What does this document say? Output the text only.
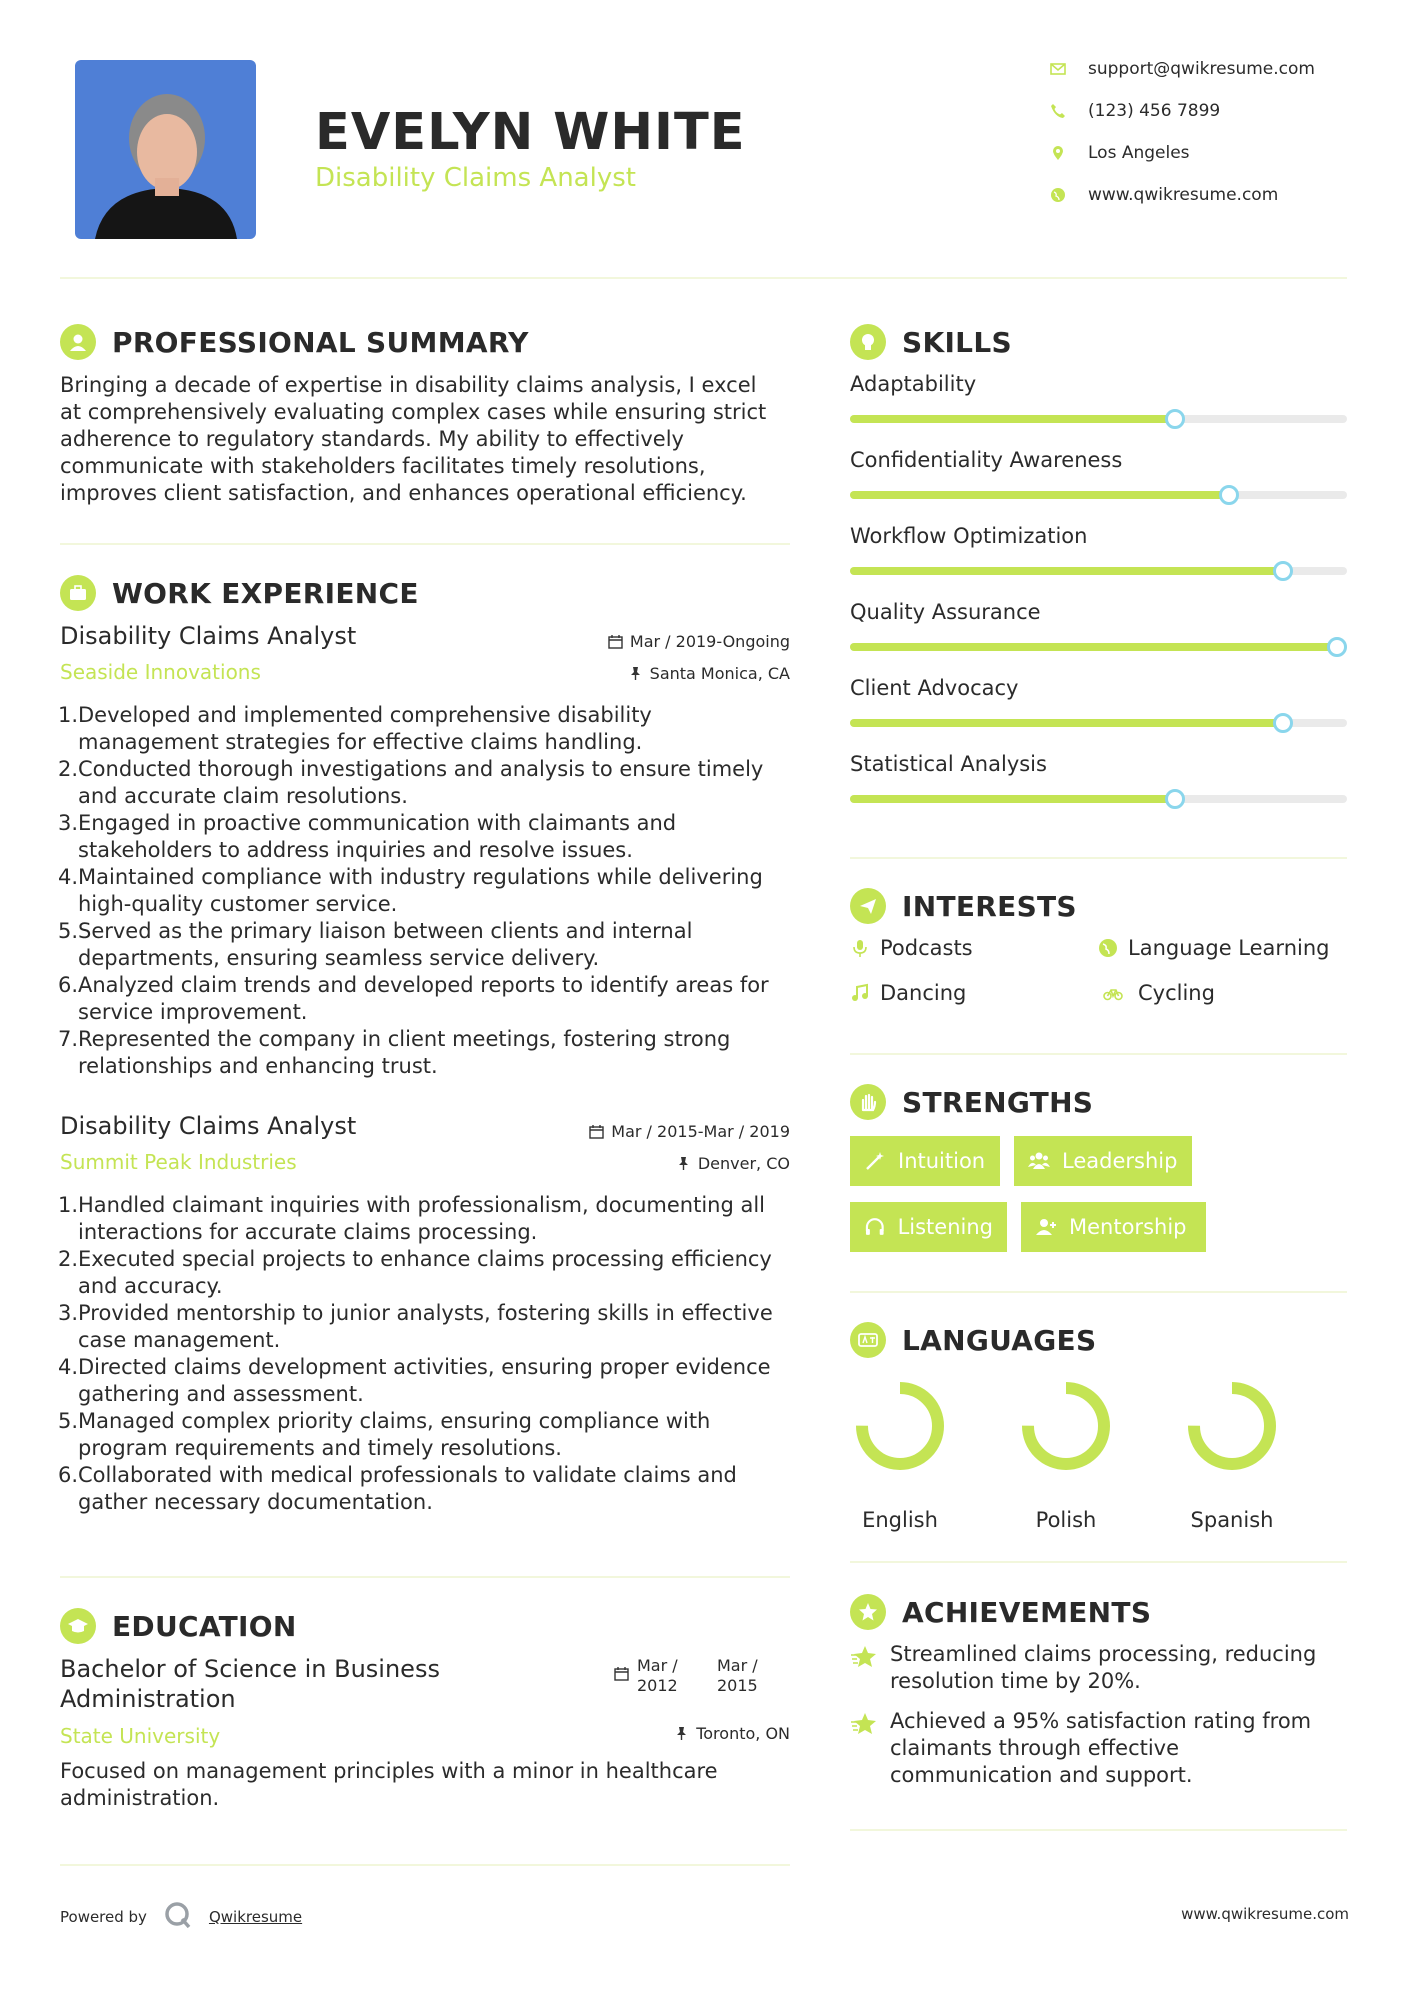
EVELYN WHITE
Disability Claims Analyst
support@qwikresume.com
(123) 456 7899
Los Angeles
www.qwikresume.com
PROFESSIONAL SUMMARY
Bringing a decade of expertise in disability claims analysis, I excel at comprehensively evaluating complex cases while ensuring strict adherence to regulatory standards. My ability to effectively communicate with stakeholders facilitates timely resolutions, improves client satisfaction, and enhances operational efficiency.
WORK EXPERIENCE
Disability Claims Analyst
Seaside Innovations
Mar / 2019-Ongoing
Santa Monica, CA
1. Developed and implemented comprehensive disability management strategies for effective claims handling.
2. Conducted thorough investigations and analysis to ensure timely and accurate claim resolutions.
3. Engaged in proactive communication with claimants and stakeholders to address inquiries and resolve issues.
4. Maintained compliance with industry regulations while delivering high-quality customer service.
5. Served as the primary liaison between clients and internal departments, ensuring seamless service delivery.
6. Analyzed claim trends and developed reports to identify areas for service improvement.
7. Represented the company in client meetings, fostering strong relationships and enhancing trust.
Disability Claims Analyst
Summit Peak Industries
Mar / 2015-Mar / 2019
Denver, CO
1. Handled claimant inquiries with professionalism, documenting all interactions for accurate claims processing.
2. Executed special projects to enhance claims processing efficiency and accuracy.
3. Provided mentorship to junior analysts, fostering skills in effective case management.
4. Directed claims development activities, ensuring proper evidence gathering and assessment.
5. Managed complex priority claims, ensuring compliance with program requirements and timely resolutions.
6. Collaborated with medical professionals to validate claims and gather necessary documentation.
EDUCATION
Bachelor of Science in Business Administration
State University
Mar / 2012
Mar / 2015
Toronto, ON
Focused on management principles with a minor in healthcare administration.
SKILLS
Adaptability
Confidentiality Awareness
Workflow Optimization
Quality Assurance
Client Advocacy
Statistical Analysis
INTERESTS
Podcasts	Language Learning
Dancing	Cycling
STRENGTHS
Intuition	Leadership
Listening	Mentorship
LANGUAGES
English	Polish	Spanish
ACHIEVEMENTS
Streamlined claims processing, reducing resolution time by 20%.
Achieved a 95% satisfaction rating from claimants through effective communication and support.
Powered by	Qwikresume	www.qwikresume.com
